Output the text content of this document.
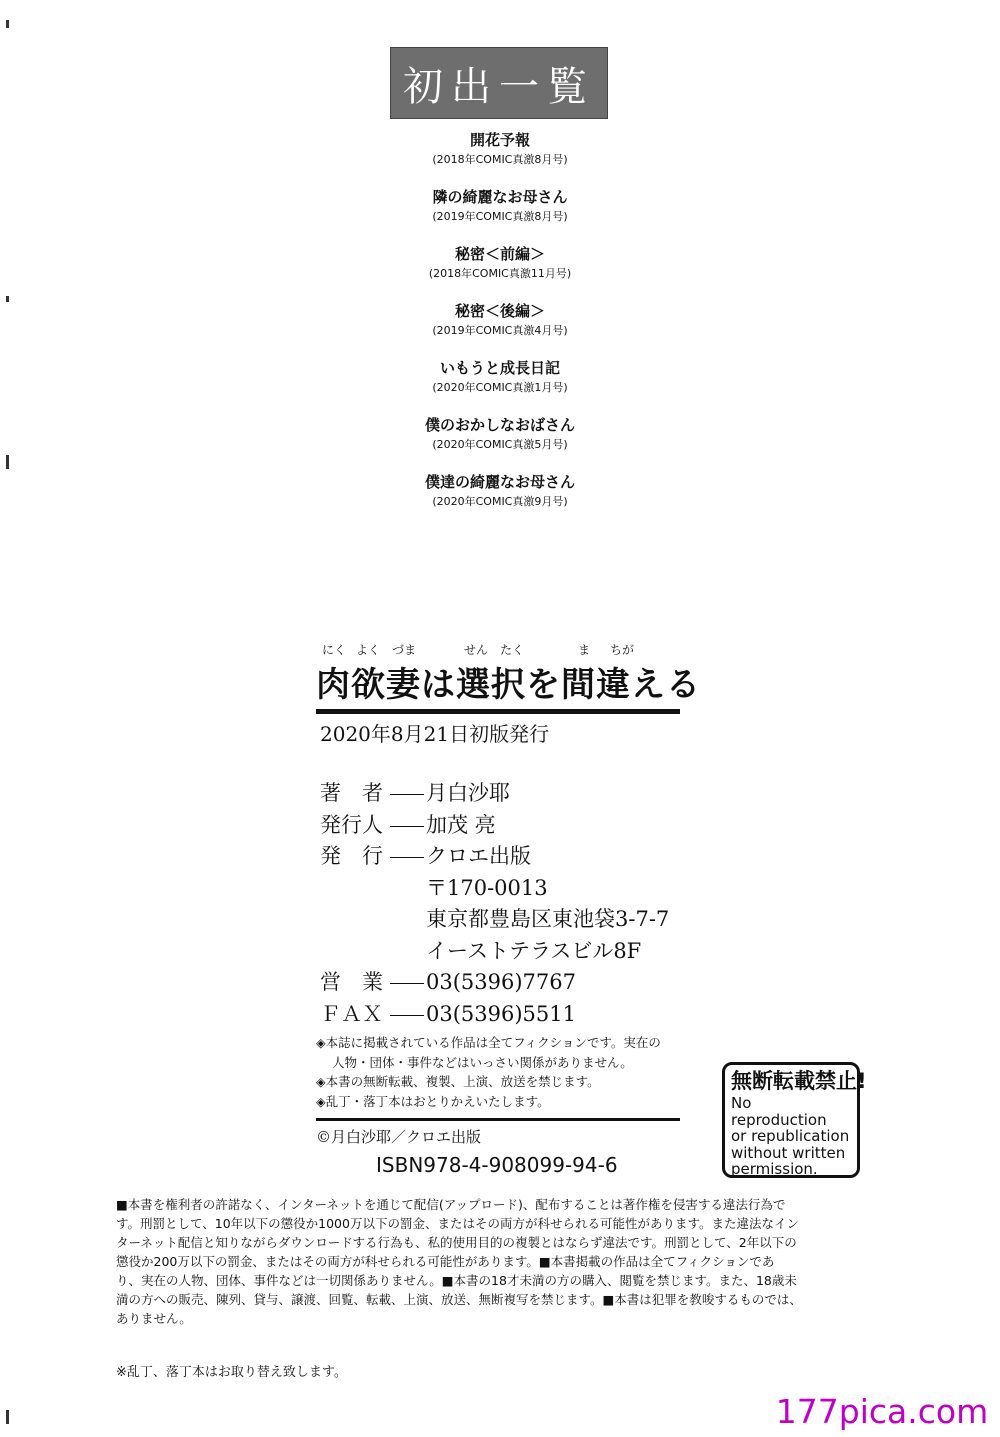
初出一覧
開花予報
(2018年COMIC真激8月号)
隣の綺麗なお母さん
(2019年COMIC真激8月号)
秘密＜前編＞
(2018年COMIC真激11月号)
秘密＜後編＞
(2019年COMIC真激4月号)
いもうと成長日記
(2020年COMIC真激1月号)
僕のおかしなおばさん
(2020年COMIC真激5月号)
僕達の綺麗なお母さん
(2020年COMIC真激9月号)
にく よく づま	せん たく	ま ちが
肉欲妻は選択を間違える
2020年8月21日初版発行
著　者 月白沙耶
発行人 加茂 亮
発　行 クロエ出版
〒170-0013
東京都豊島区東池袋3-7-7
イーストテラスビル8F
営　業 03(5396)7767
ＦＡＸ 03(5396)5511

◈本誌に掲載されている作品は全てフィクションです。実在の

人物・団体・事件などはいっさい関係がありません。

◈本書の無断転載、複製、上演、放送を禁じます。

◈乱丁・落丁本はおとりかえいたします。

©月白沙耶／クロエ出版
ISBN978-4-908099-94-6
無断転載禁止!
No reproduction
or republication
without written
permission.

■本書を権利者の許諾なく、インターネットを通じて配信(アップロード)、配布することは著作権を侵害する違法行為で

す。刑罰として、10年以下の懲役か1000万以下の罰金、またはその両方が科せられる可能性があります。また違法なイン

ターネット配信と知りながらダウンロードする行為も、私的使用目的の複製とはならず違法です。刑罰として、2年以下の

懲役か200万以下の罰金、またはその両方が科せられる可能性があります。■本書掲載の作品は全てフィクションであ

り、実在の人物、団体、事件などは一切関係ありません。■本書の18才未満の方の購入、閲覧を禁じます。また、18歳未

満の方への販売、陳列、貸与、譲渡、回覧、転載、上演、放送、無断複写を禁じます。■本書は犯罪を教唆するものでは、

ありません。

※乱丁、落丁本はお取り替え致します。
177pica.com
